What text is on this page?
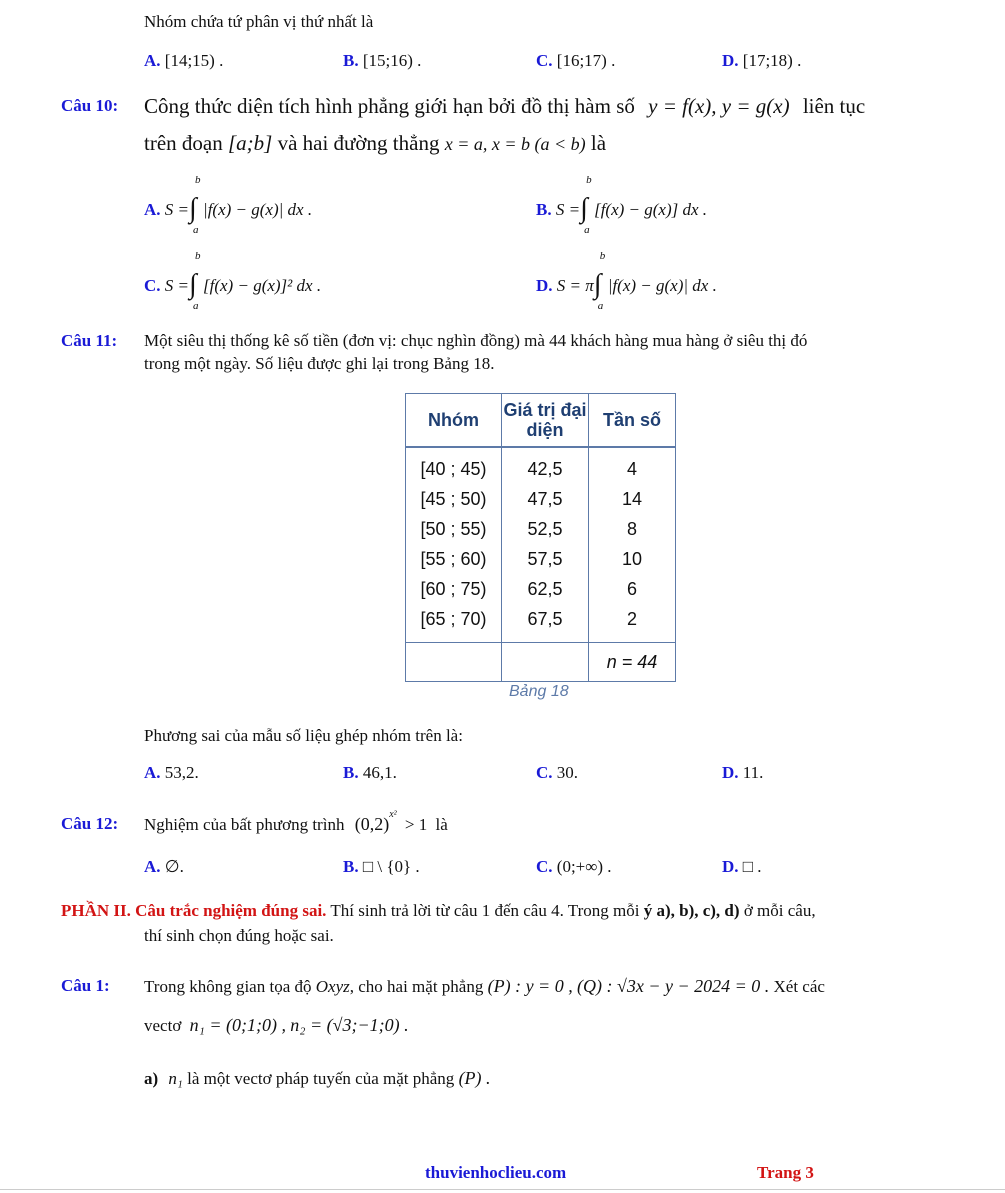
Nhóm chứa tứ phân vị thứ nhất là
A. [14;15) .	B. [15;16) .	C. [16;17) .	D. [17;18) .
Câu 10: Công thức diện tích hình phẳng giới hạn bởi đồ thị hàm số y = f(x), y = g(x) liên tục
trên đoạn [a;b] và hai đường thẳng x = a, x = b (a < b) là
A. S = ∫
b
a
|f(x) − g(x)| dx .	B. S = ∫
b
a
[f(x) − g(x)] dx .
C. S = ∫
b
a
[f(x) − g(x)]² dx .	D. S = π ∫
b
a
|f(x) − g(x)| dx .
Câu 11: Một siêu thị thống kê số tiền (đơn vị: chục nghìn đồng) mà 44 khách hàng mua hàng ở siêu thị đó
trong một ngày. Số liệu được ghi lại trong Bảng 18.
Nhóm	Giá trị đại diện	Tần số
[40 ; 45)	42,5	4
[45 ; 50)	47,5	14
[50 ; 55)	52,5	8
[55 ; 60)	57,5	10
[60 ; 75)	62,5	6
[65 ; 70)	67,5	2
		n = 44
Bảng 18
Phương sai của mẫu số liệu ghép nhóm trên là:
A. 53,2.	B. 46,1.	C. 30.	D. 11.
Câu 12: Nghiệm của bất phương trình $(0,2)^{x^2} > 1$ là
A. ∅.	B. □ \ {0} .	C. (0;+∞) .	D. □ .
PHẦN II. Câu trắc nghiệm đúng sai. Thí sinh trả lời từ câu 1 đến câu 4. Trong mỗi ý a), b), c), d) ở mỗi câu,
thí sinh chọn đúng hoặc sai.
Câu 1: Trong không gian tọa độ Oxyz, cho hai mặt phẳng (P) : y = 0 , (Q) : √3x − y − 2024 = 0 . Xét các
vectơ n₁ = (0;1;0) , n₂ = (√3;−1;0) .
a) n₁ là một vectơ pháp tuyến của mặt phẳng (P) .
thuvienhoclieu.com	Trang 3
